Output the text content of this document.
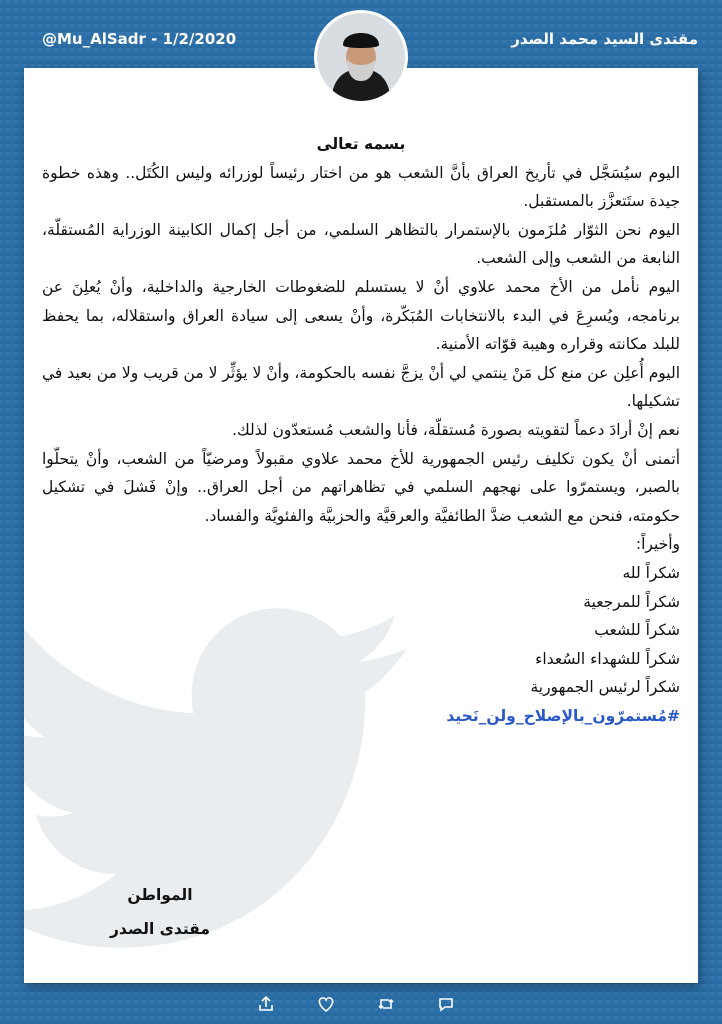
مقتدى السيد محمد الصدر
@Mu_AlSadr - 1/2/2020

بسمه تعالى

اليوم سيُسَجَّل في تأريخ العراق بأنَّ الشعب هو من اختار رئيساً لوزرائه وليس الكُتَل.. وهذه خطوة جيدة ستَتعزَّز بالمستقبل.

اليوم نحن الثوّار مُلزَمون بالإستمرار بالتظاهر السلمي، من أجل إكمال الكابينة الوزراية المُستقلّة، النابعة من الشعب وإلى الشعب.

اليوم نأمل من الأخ محمد علاوي أنْ لا يستسلم للضغوطات الخارجية والداخلية، وأنْ يُعلِنَ عن برنامجه، ويُسرِعَ في البدء بالانتخابات المُبَكّرة، وأنْ يسعى إلى سيادة العراق واستقلاله، بما يحفظ للبلد مكانته وقراره وهيبة قوّاته الأمنية.

اليوم أُعلِن عن منع كل مَنْ ينتمي لي أنْ يزجَّ نفسه بالحكومة، وأنْ لا يؤثِّر لا من قريب ولا من بعيد في تشكيلها.

نعم إنْ أرادَ دعماً لتقويته بصورة مُستقلّة، فأنا والشعب مُستعدّون لذلك.

أتمنى أنْ يكون تكليف رئيس الجمهورية للأخ محمد علاوي مقبولاً ومرضيّاً من الشعب، وأنْ يتحلّوا بالصبر، ويستمرّوا على نهجهم السلمي في تظاهراتهم من أجل العراق.. وإنْ فَشلَ في تشكيل حكومته، فنحن مع الشعب ضدَّ الطائفيَّة والعرقيَّة والحزبيَّة والفئويَّة والفساد.

وأخيراً:

شكراً لله

شكراً للمرجعية

شكراً للشعب

شكراً للشهداء السُعداء

شكراً لرئيس الجمهورية

#مُستمرّون_بالإصلاح_ولن_نَحيد

المواطن
مقتدى الصدر
